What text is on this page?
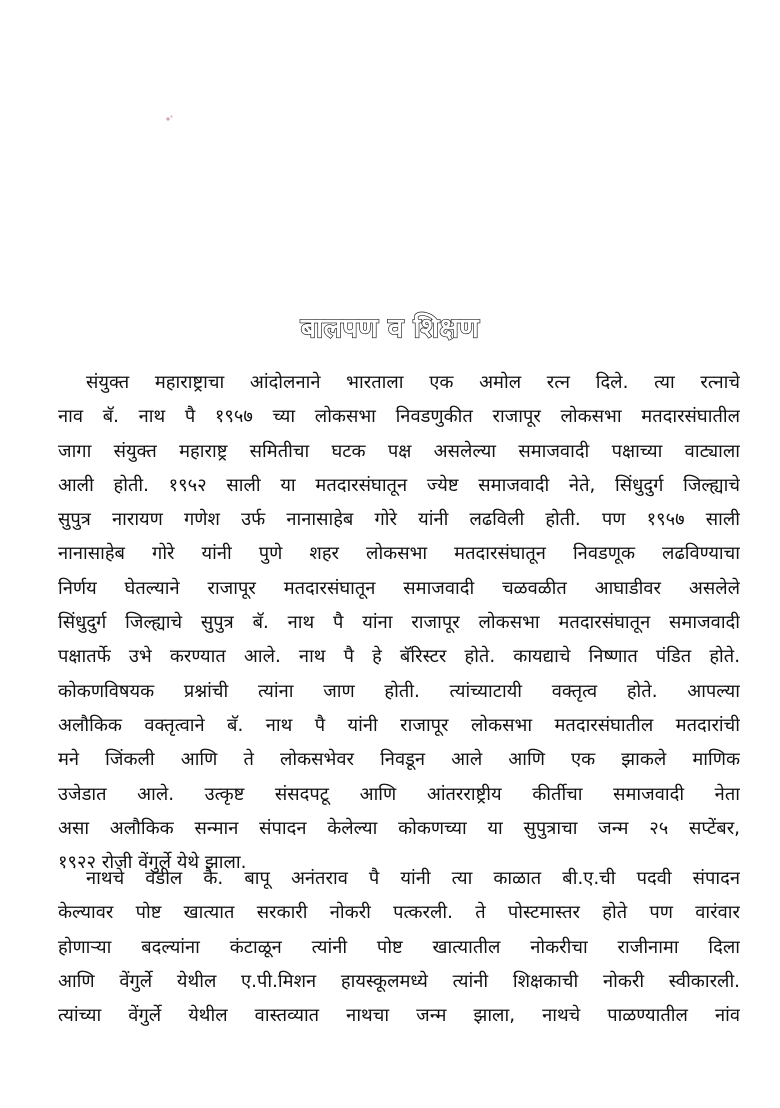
बालपण व शिक्षण
संयुक्त महाराष्ट्राचा आंदोलनाने भारताला एक अमोल रत्न दिले. त्या रत्नाचे
नाव बॅ. नाथ पै १९५७ च्या लोकसभा निवडणुकीत राजापूर लोकसभा मतदारसंघातील
जागा संयुक्त महाराष्ट्र समितीचा घटक पक्ष असलेल्या समाजवादी पक्षाच्या वाट्याला
आली होती. १९५२ साली या मतदारसंघातून ज्येष्ट समाजवादी नेते, सिंधुदुर्ग जिल्ह्याचे
सुपुत्र नारायण गणेश उर्फ नानासाहेब गोरे यांनी लढविली होती. पण १९५७ साली
नानासाहेब गोरे यांनी पुणे शहर लोकसभा मतदारसंघातून निवडणूक लढविण्याचा
निर्णय घेतल्याने राजापूर मतदारसंघातून समाजवादी चळवळीत आघाडीवर असलेले
सिंधुदुर्ग जिल्ह्याचे सुपुत्र बॅ. नाथ पै यांना राजापूर लोकसभा मतदारसंघातून समाजवादी
पक्षातर्फे उभे करण्यात आले. नाथ पै हे बॅरिस्टर होते. कायद्याचे निष्णात पंडित होते.
कोकणविषयक प्रश्नांची त्यांना जाण होती. त्यांच्याटायी वक्तृत्व होते. आपल्या
अलौकिक वक्तृत्वाने बॅ. नाथ पै यांनी राजापूर लोकसभा मतदारसंघातील मतदारांची
मने जिंकली आणि ते लोकसभेवर निवडून आले आणि एक झाकले माणिक
उजेडात आले. उत्कृष्ट संसदपटू आणि आंतरराष्ट्रीय कीर्तीचा समाजवादी नेता
असा अलौकिक सन्मान संपादन केलेल्या कोकणच्या या सुपुत्राचा जन्म २५ सप्टेंबर,
१९२२ रोजी वेंगुर्ले येथे झाला.
नाथचे वडील कै. बापू अनंतराव पै यांनी त्या काळात बी.ए.ची पदवी संपादन
केल्यावर पोष्ट खात्यात सरकारी नोकरी पत्करली. ते पोस्टमास्तर होते पण वारंवार
होणाऱ्या बदल्यांना कंटाळून त्यांनी पोष्ट खात्यातील नोकरीचा राजीनामा दिला
आणि वेंगुर्ले येथील ए.पी.मिशन हायस्कूलमध्ये त्यांनी शिक्षकाची नोकरी स्वीकारली.
त्यांच्या वेंगुर्ले येथील वास्तव्यात नाथचा जन्म झाला, नाथचे पाळण्यातील नांव
